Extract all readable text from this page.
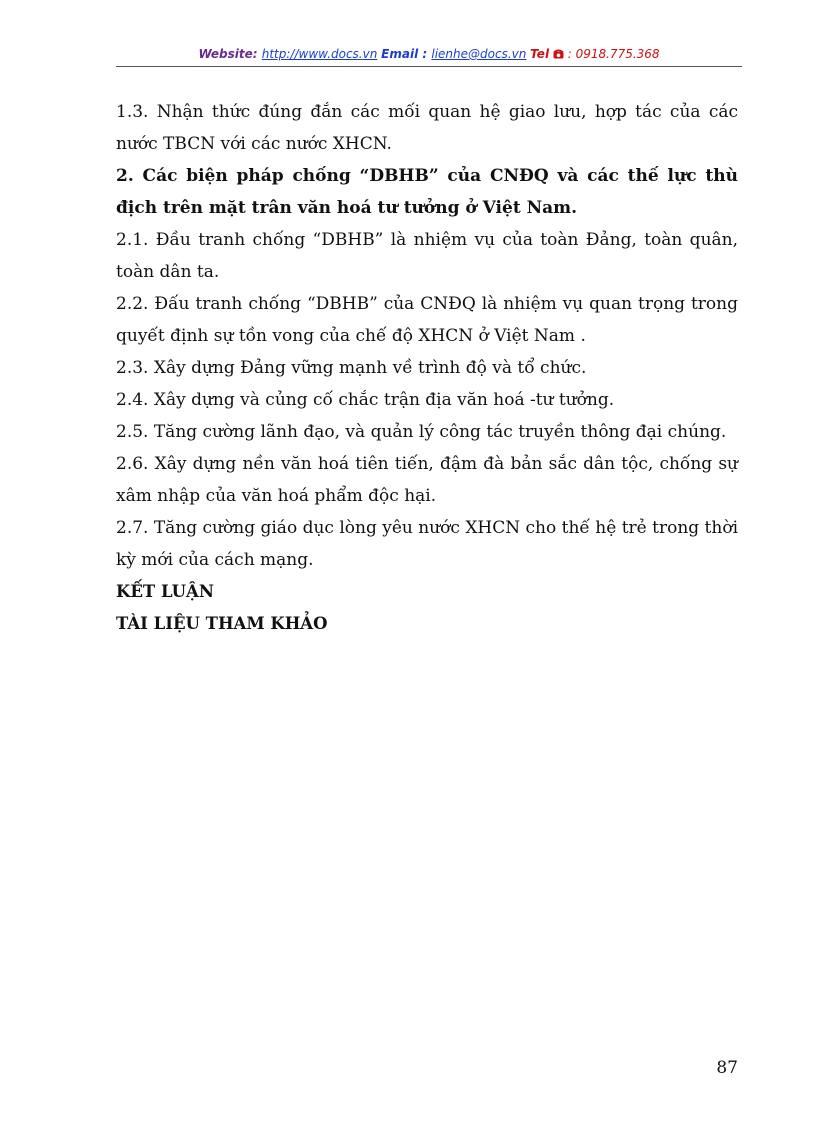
Website: http://www.docs.vn Email : lienhe@docs.vn Tel : 0918.775.368

1.3. Nhận thức đúng đắn các mối quan hệ giao lưu, hợp tác của các nước TBCN với các nước XHCN.

2. Các biện pháp chống “DBHB” của CNĐQ và các thế lực thù địch trên mặt trân văn hoá tư tưởng ở Việt Nam.

2.1. Đầu tranh chống “DBHB” là nhiệm vụ của toàn Đảng, toàn quân, toàn dân ta.

2.2. Đấu tranh chống “DBHB” của CNĐQ là nhiệm vụ quan trọng trong quyết định sự tồn vong của chế độ XHCN ở Việt Nam .

2.3. Xây dựng Đảng vững mạnh về trình độ và tổ chức.

2.4. Xây dựng và củng cố chắc trận địa văn hoá -tư tưởng.

2.5. Tăng cường lãnh đạo, và quản lý công tác truyền thông đại chúng.

2.6. Xây dựng nền văn hoá tiên tiến, đậm đà bản sắc dân tộc, chống sự xâm nhập của văn hoá phẩm độc hại.

2.7. Tăng cường giáo dục lòng yêu nước XHCN cho thế hệ trẻ trong thời kỳ mới của cách mạng.

KẾT LUẬN

TÀI LIỆU THAM KHẢO

87
